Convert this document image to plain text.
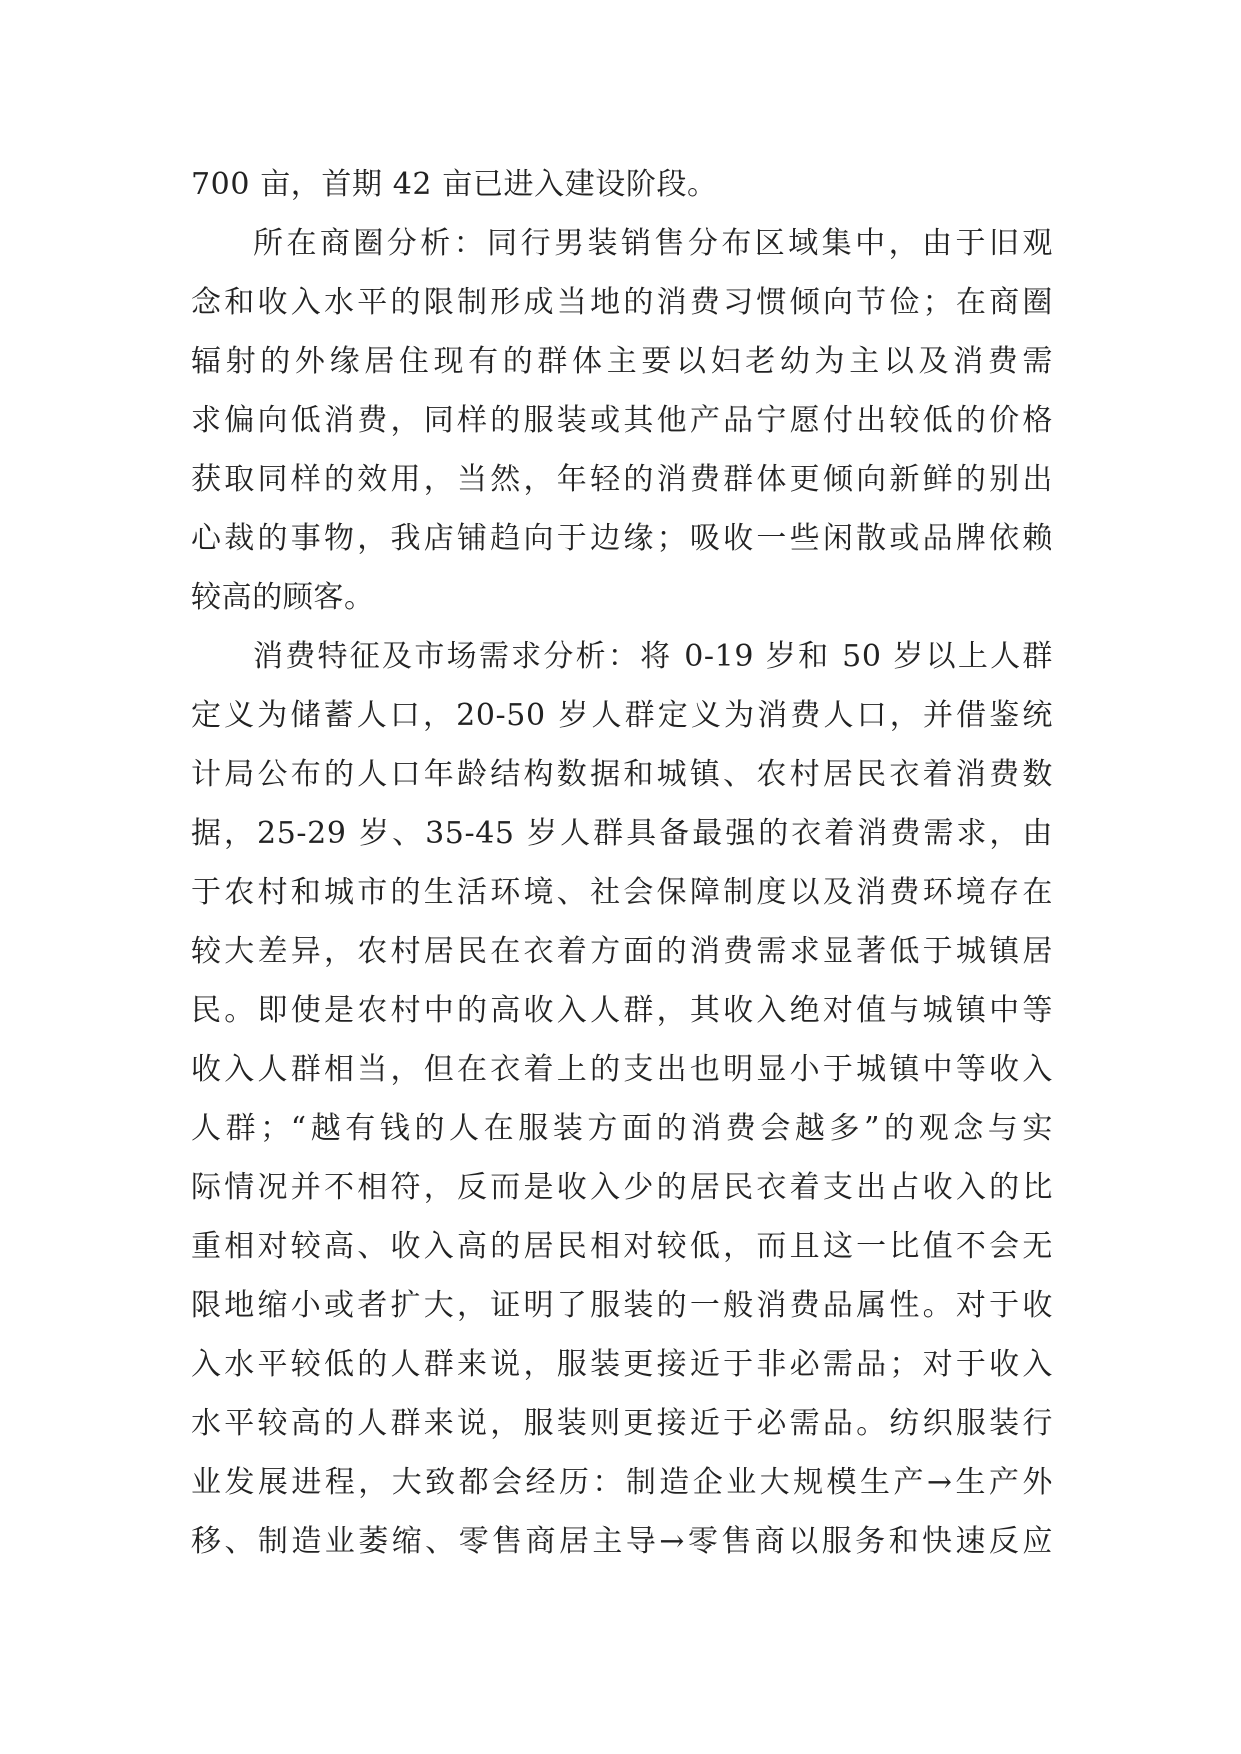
700 亩，首期 42 亩已进入建设阶段。
所在商圈分析：同行男装销售分布区域集中，由于旧观
念和收入水平的限制形成当地的消费习惯倾向节俭；在商圈
辐射的外缘居住现有的群体主要以妇老幼为主以及消费需
求偏向低消费，同样的服装或其他产品宁愿付出较低的价格
获取同样的效用，当然，年轻的消费群体更倾向新鲜的别出
心裁的事物，我店铺趋向于边缘；吸收一些闲散或品牌依赖
较高的顾客。
消费特征及市场需求分析：将 0-19 岁和 50 岁以上人群
定义为储蓄人口，20-50 岁人群定义为消费人口，并借鉴统
计局公布的人口年龄结构数据和城镇、农村居民衣着消费数
据，25-29 岁、35-45 岁人群具备最强的衣着消费需求，由
于农村和城市的生活环境、社会保障制度以及消费环境存在
较大差异，农村居民在衣着方面的消费需求显著低于城镇居
民。即使是农村中的高收入人群，其收入绝对值与城镇中等
收入人群相当，但在衣着上的支出也明显小于城镇中等收入
人群；“越有钱的人在服装方面的消费会越多”的观念与实
际情况并不相符，反而是收入少的居民衣着支出占收入的比
重相对较高、收入高的居民相对较低，而且这一比值不会无
限地缩小或者扩大，证明了服装的一般消费品属性。对于收
入水平较低的人群来说，服装更接近于非必需品；对于收入
水平较高的人群来说，服装则更接近于必需品。纺织服装行
业发展进程，大致都会经历：制造企业大规模生产→生产外
移、制造业萎缩、零售商居主导→零售商以服务和快速反应
